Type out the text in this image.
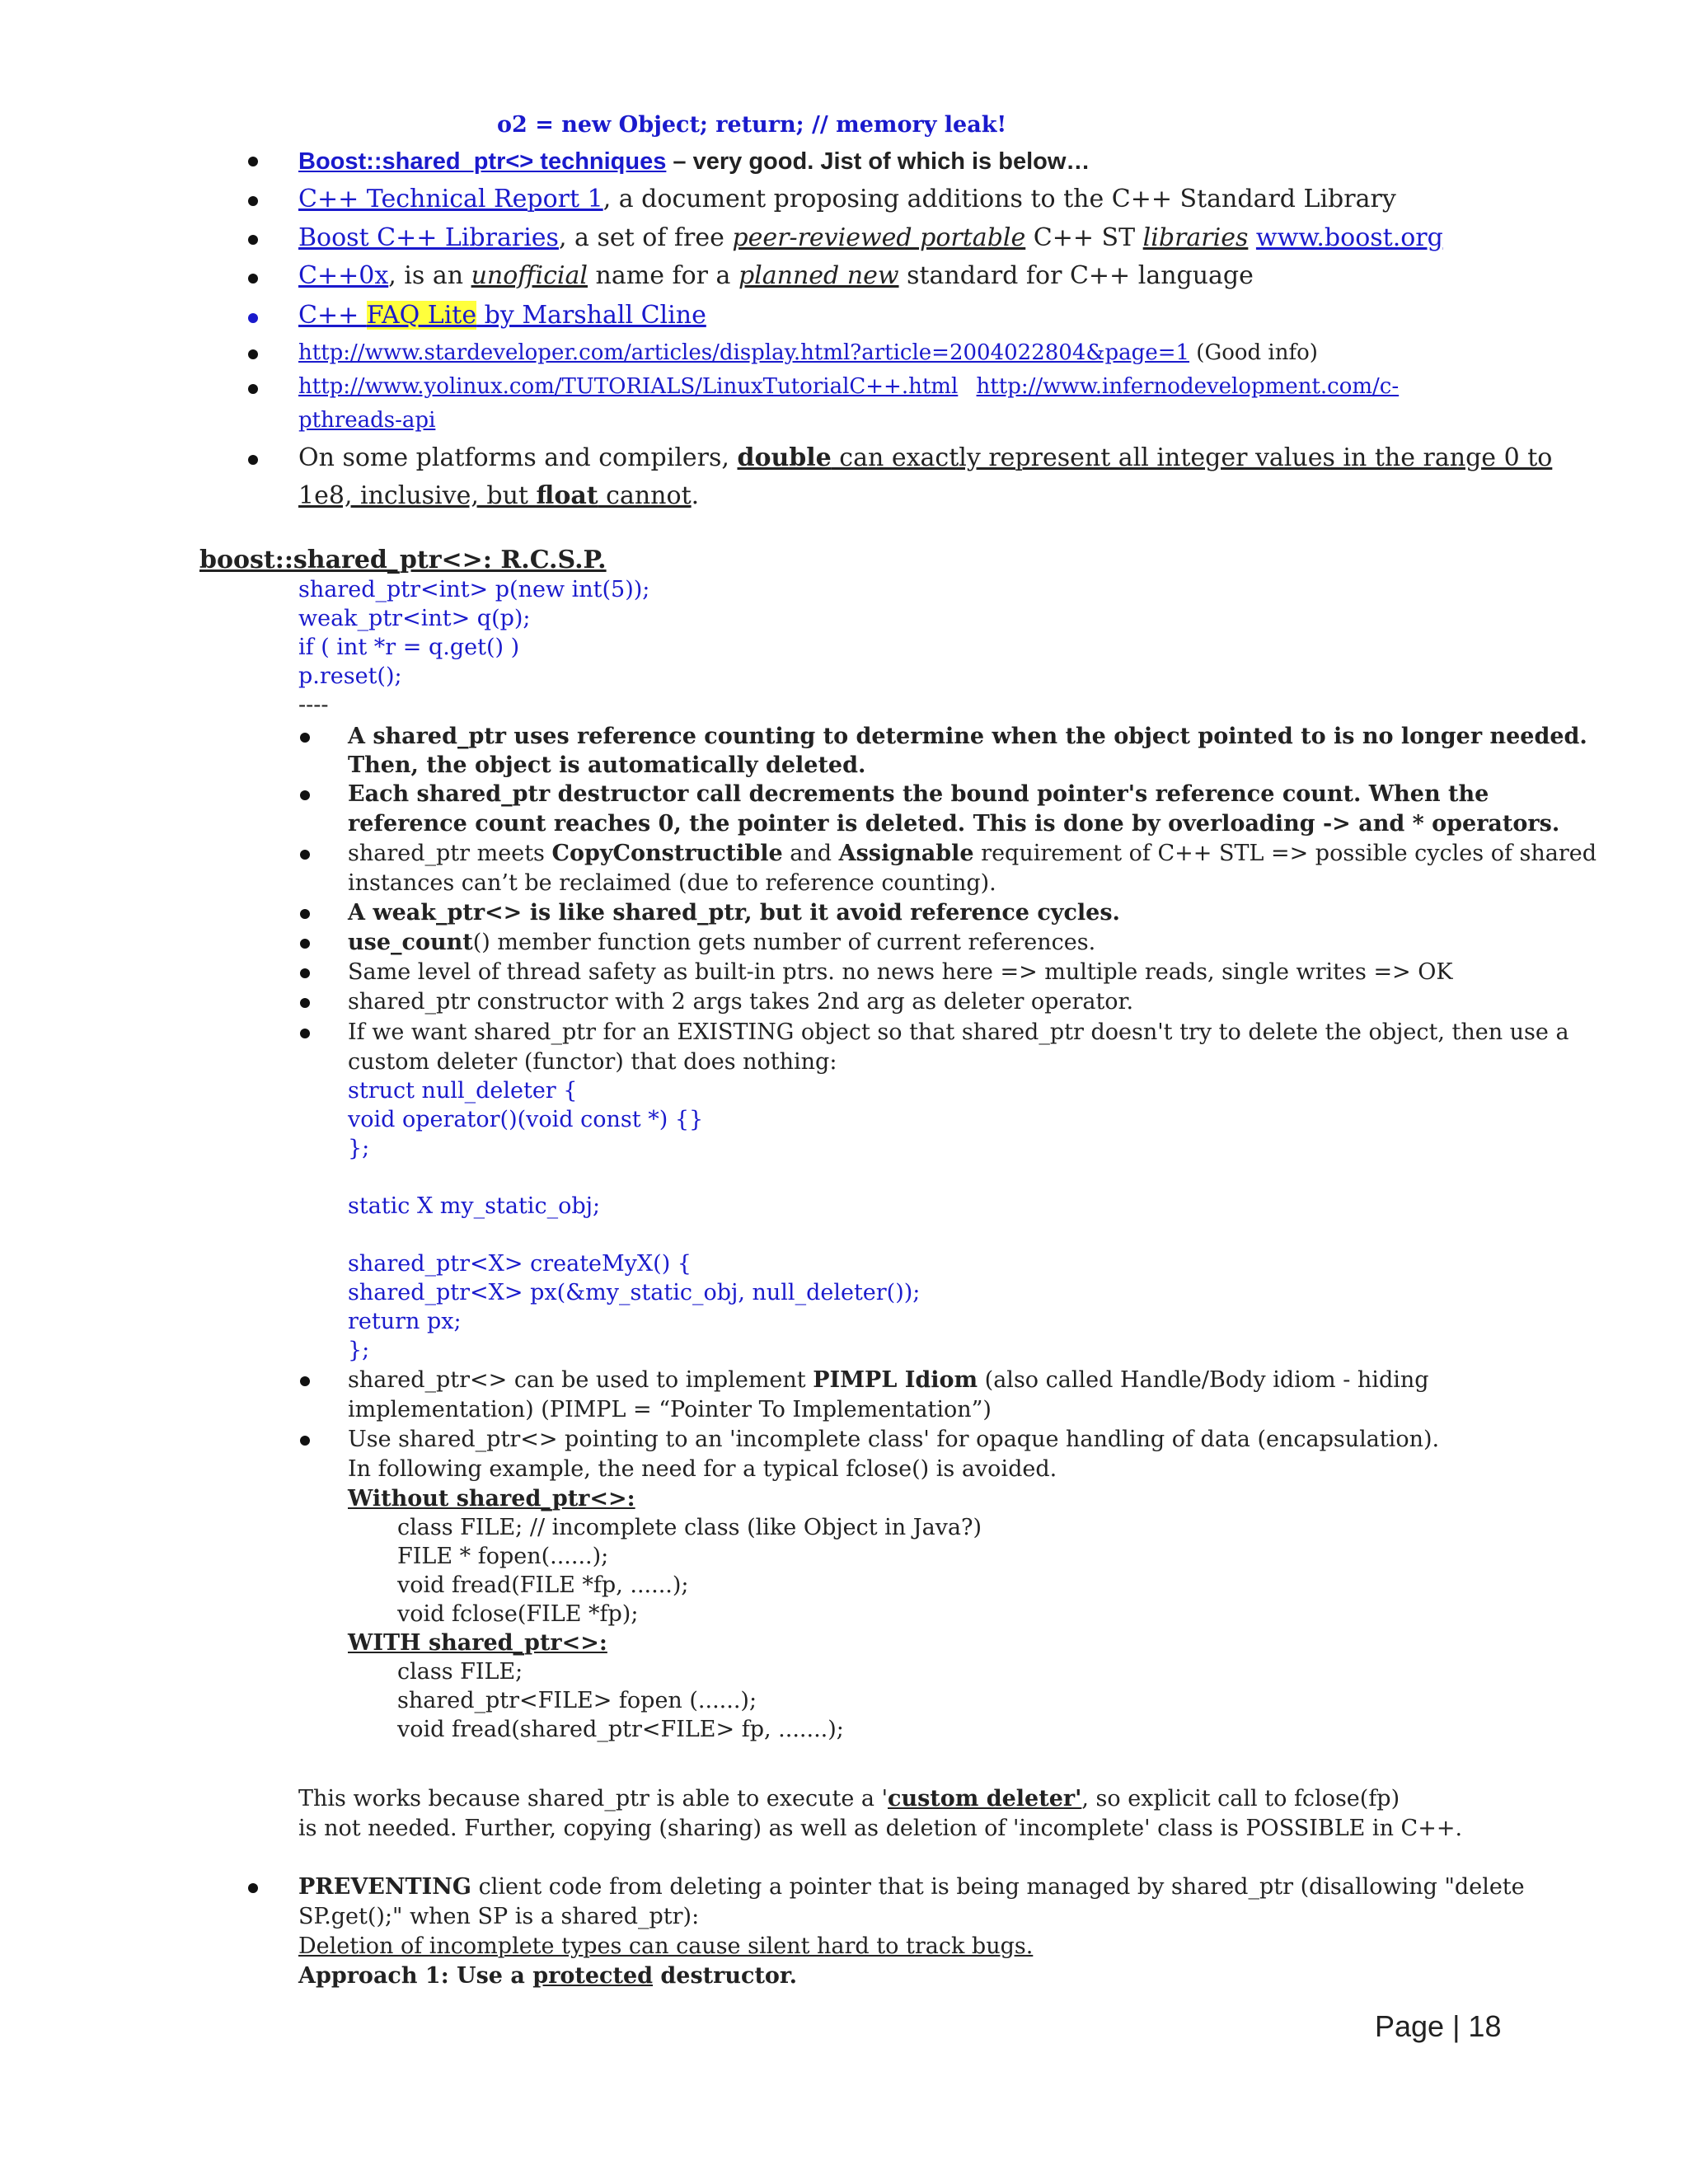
o2 = new Object; return; // memory leak!
Boost::shared_ptr<> techniques – very good. Jist of which is below…
C++ Technical Report 1, a document proposing additions to the C++ Standard Library
Boost C++ Libraries, a set of free peer-reviewed portable C++ ST libraries www.boost.org
C++0x, is an unofficial name for a planned new standard for C++ language
C++ FAQ Lite by Marshall Cline
http://www.stardeveloper.com/articles/display.html?article=2004022804&page=1 (Good info)
http://www.yolinux.com/TUTORIALS/LinuxTutorialC++.html http://www.infernodevelopment.com/c-
pthreads-api
On some platforms and compilers, double can exactly represent all integer values in the range 0 to
1e8, inclusive, but float cannot.
boost::shared_ptr<>: R.C.S.P.
shared_ptr<int> p(new int(5));
weak_ptr<int> q(p);
if ( int *r = q.get() )
p.reset();
----
A shared_ptr uses reference counting to determine when the object pointed to is no longer needed.
Then, the object is automatically deleted.
Each shared_ptr destructor call decrements the bound pointer's reference count. When the
reference count reaches 0, the pointer is deleted. This is done by overloading -> and * operators.
shared_ptr meets CopyConstructible and Assignable requirement of C++ STL => possible cycles of shared
instances can’t be reclaimed (due to reference counting).
A weak_ptr<> is like shared_ptr, but it avoid reference cycles.
use_count() member function gets number of current references.
Same level of thread safety as built-in ptrs. no news here => multiple reads, single writes => OK
shared_ptr constructor with 2 args takes 2nd arg as deleter operator.
If we want shared_ptr for an EXISTING object so that shared_ptr doesn't try to delete the object, then use a
custom deleter (functor) that does nothing:
struct null_deleter {
void operator()(void const *) {}
};
static X my_static_obj;
shared_ptr<X> createMyX() {
shared_ptr<X> px(&my_static_obj, null_deleter());
return px;
};
shared_ptr<> can be used to implement PIMPL Idiom (also called Handle/Body idiom - hiding
implementation) (PIMPL = “Pointer To Implementation”)
Use shared_ptr<> pointing to an 'incomplete class' for opaque handling of data (encapsulation).
In following example, the need for a typical fclose() is avoided.
Without shared_ptr<>:
class FILE; // incomplete class (like Object in Java?)
FILE * fopen(......);
void fread(FILE *fp, ......);
void fclose(FILE *fp);
WITH shared_ptr<>:
class FILE;
shared_ptr<FILE> fopen (......);
void fread(shared_ptr<FILE> fp, .......);
This works because shared_ptr is able to execute a 'custom deleter', so explicit call to fclose(fp)
is not needed. Further, copying (sharing) as well as deletion of 'incomplete' class is POSSIBLE in C++.
PREVENTING client code from deleting a pointer that is being managed by shared_ptr (disallowing "delete
SP.get();" when SP is a shared_ptr):
Deletion of incomplete types can cause silent hard to track bugs.
Approach 1: Use a protected destructor.
Page | 18
